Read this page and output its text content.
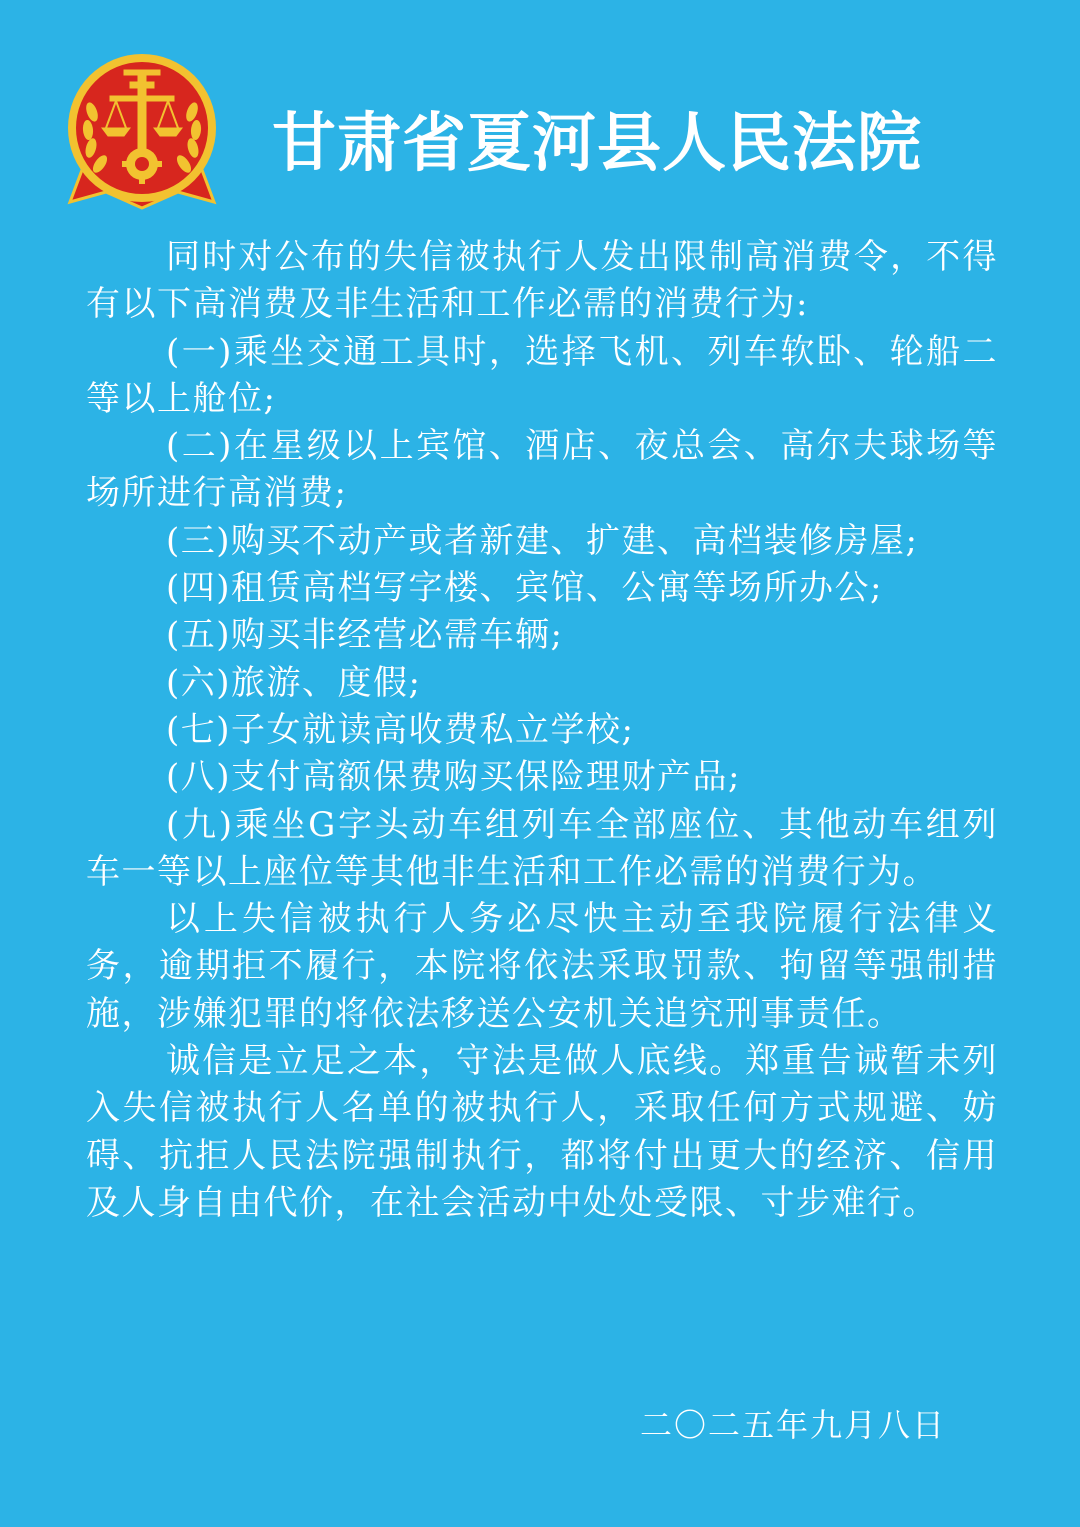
甘肃省夏河县人民法院

同时对公布的失信被执行人发出限制高消费令，不得有以下高消费及非生活和工作必需的消费行为:

(一)乘坐交通工具时，选择飞机、列车软卧、轮船二等以上舱位;

(二)在星级以上宾馆、酒店、夜总会、高尔夫球场等场所进行高消费;

(三)购买不动产或者新建、扩建、高档装修房屋;

(四)租赁高档写字楼、宾馆、公寓等场所办公;

(五)购买非经营必需车辆;

(六)旅游、度假;

(七)子女就读高收费私立学校;

(八)支付高额保费购买保险理财产品;

(九)乘坐G字头动车组列车全部座位、其他动车组列车一等以上座位等其他非生活和工作必需的消费行为。

以上失信被执行人务必尽快主动至我院履行法律义务，逾期拒不履行，本院将依法采取罚款、拘留等强制措施，涉嫌犯罪的将依法移送公安机关追究刑事责任。

诚信是立足之本，守法是做人底线。郑重告诫暂未列入失信被执行人名单的被执行人，采取任何方式规避、妨碍、抗拒人民法院强制执行，都将付出更大的经济、信用及人身自由代价，在社会活动中处处受限、寸步难行。

二〇二五年九月八日
